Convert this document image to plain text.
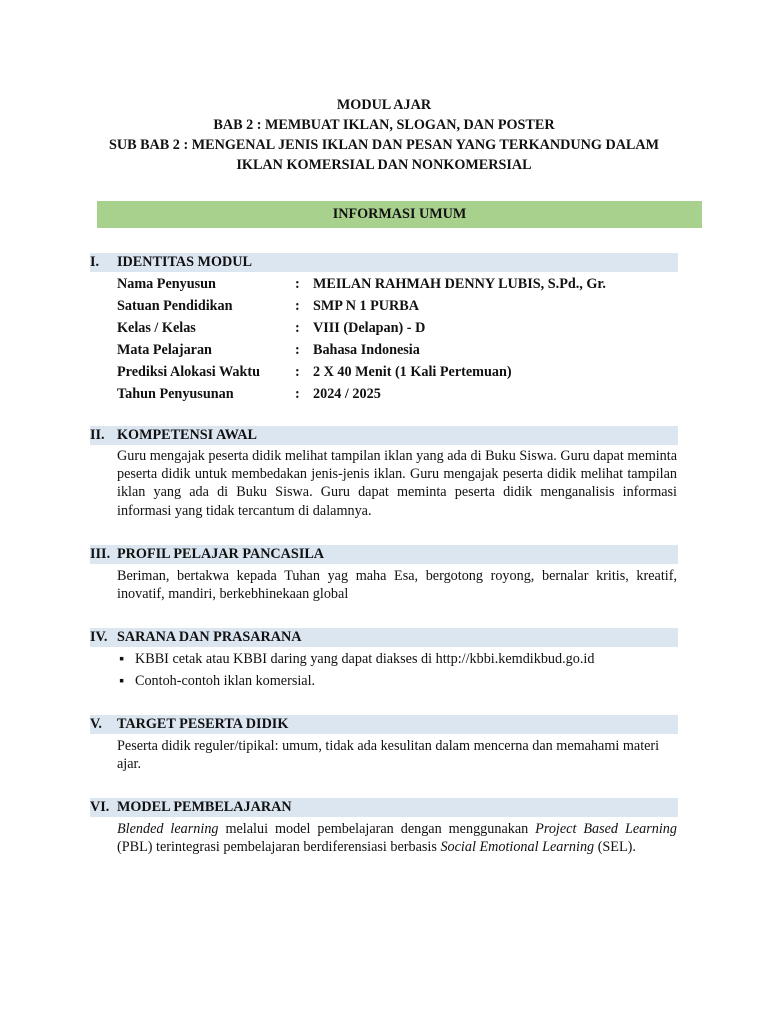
MODUL AJAR
BAB 2 : MEMBUAT IKLAN, SLOGAN, DAN POSTER
SUB BAB 2 : MENGENAL JENIS IKLAN DAN PESAN YANG TERKANDUNG DALAM
IKLAN KOMERSIAL DAN NONKOMERSIAL
INFORMASI UMUM
I. IDENTITAS MODUL
Nama Penyusun	: MEILAN RAHMAH DENNY LUBIS, S.Pd., Gr.
Satuan Pendidikan	: SMP N 1 PURBA
Kelas / Kelas	: VIII (Delapan) - D
Mata Pelajaran	: Bahasa Indonesia
Prediksi Alokasi Waktu : 2 X 40 Menit (1 Kali Pertemuan)
Tahun Penyusunan	: 2024 / 2025
II. KOMPETENSI AWAL
Guru mengajak peserta didik melihat tampilan iklan yang ada di Buku Siswa. Guru dapat meminta peserta didik untuk membedakan jenis-jenis iklan. Guru mengajak peserta didik melihat tampilan iklan yang ada di Buku Siswa. Guru dapat meminta peserta didik menganalisis informasi informasi yang tidak tercantum di dalamnya.
III. PROFIL PELAJAR PANCASILA
Beriman, bertakwa kepada Tuhan yag maha Esa, bergotong royong, bernalar kritis, kreatif, inovatif, mandiri, berkebhinekaan global
IV. SARANA DAN PRASARANA
▪ KBBI cetak atau KBBI daring yang dapat diakses di http://kbbi.kemdikbud.go.id
▪ Contoh-contoh iklan komersial.
V. TARGET PESERTA DIDIK
Peserta didik reguler/tipikal: umum, tidak ada kesulitan dalam mencerna dan memahami materi ajar.
VI. MODEL PEMBELAJARAN
Blended learning melalui model pembelajaran dengan menggunakan Project Based Learning (PBL) terintegrasi pembelajaran berdiferensiasi berbasis Social Emotional Learning (SEL).
